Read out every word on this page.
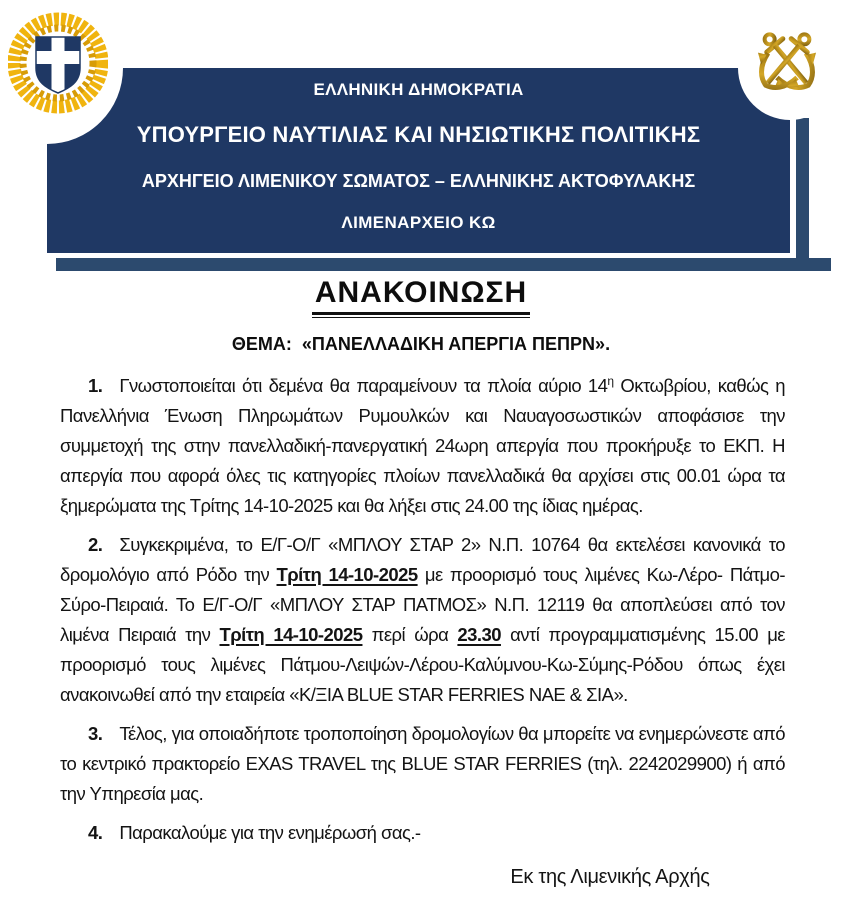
ΕΛΛΗΝΙΚΗ ΔΗΜΟΚΡΑΤΙΑ
ΥΠΟΥΡΓΕΙΟ ΝΑΥΤΙΛΙΑΣ ΚΑΙ ΝΗΣΙΩΤΙΚΗΣ ΠΟΛΙΤΙΚΗΣ
ΑΡΧΗΓΕΙΟ ΛΙΜΕΝΙΚΟΥ ΣΩΜΑΤΟΣ – ΕΛΛΗΝΙΚΗΣ ΑΚΤΟΦΥΛΑΚΗΣ
ΛΙΜΕΝΑΡΧΕΙΟ ΚΩ
ΑΝΑΚΟΙΝΩΣΗ
ΘΕΜΑ: «ΠΑΝΕΛΛΑΔΙΚΗ ΑΠΕΡΓΙΑ ΠΕΠΡΝ».

1. Γνωστοποιείται ότι δεμένα θα παραμείνουν τα πλοία αύριο $14^\eta$ Οκτωβρίου, καθώς η Πανελλήνια Ένωση Πληρωμάτων Ρυμουλκών και Ναυαγοσωστικών αποφάσισε την συμμετοχή της στην πανελλαδική-πανεργατική 24ωρη απεργία που προκήρυξε το ΕΚΠ. Η απεργία που αφορά όλες τις κατηγορίες πλοίων πανελλαδικά θα αρχίσει στις 00.01 ώρα τα ξημερώματα της Τρίτης 14-10-2025 και θα λήξει στις 24.00 της ίδιας ημέρας.

2. Συγκεκριμένα, το Ε/Γ-Ο/Γ «ΜΠΛΟΥ ΣΤΑΡ 2» Ν.Π. 10764 θα εκτελέσει κανονικά το δρομολόγιο από Ρόδο την Τρίτη 14-10-2025 με προορισμό τους λιμένες Κω-Λέρο- Πάτμο-Σύρο-Πειραιά. Το Ε/Γ-Ο/Γ «ΜΠΛΟΥ ΣΤΑΡ ΠΑΤΜΟΣ» Ν.Π. 12119 θα αποπλεύσει από τον λιμένα Πειραιά την Τρίτη 14-10-2025 περί ώρα 23.30 αντί προγραμματισμένης 15.00 με προορισμό τους λιμένες Πάτμου-Λειψών-Λέρου-Καλύμνου-Κω-Σύμης-Ρόδου όπως έχει ανακοινωθεί από την εταιρεία «Κ/ΞΙΑ BLUE STAR FERRIES ΝΑΕ & ΣΙΑ».

3. Τέλος, για οποιαδήποτε τροποποίηση δρομολογίων θα μπορείτε να ενημερώνεστε από το κεντρικό πρακτορείο EXAS TRAVEL της BLUE STAR FERRIES (τηλ. 2242029900) ή από την Υπηρεσία μας.

4. Παρακαλούμε για την ενημέρωσή σας.-

Εκ της Λιμενικής Αρχής
